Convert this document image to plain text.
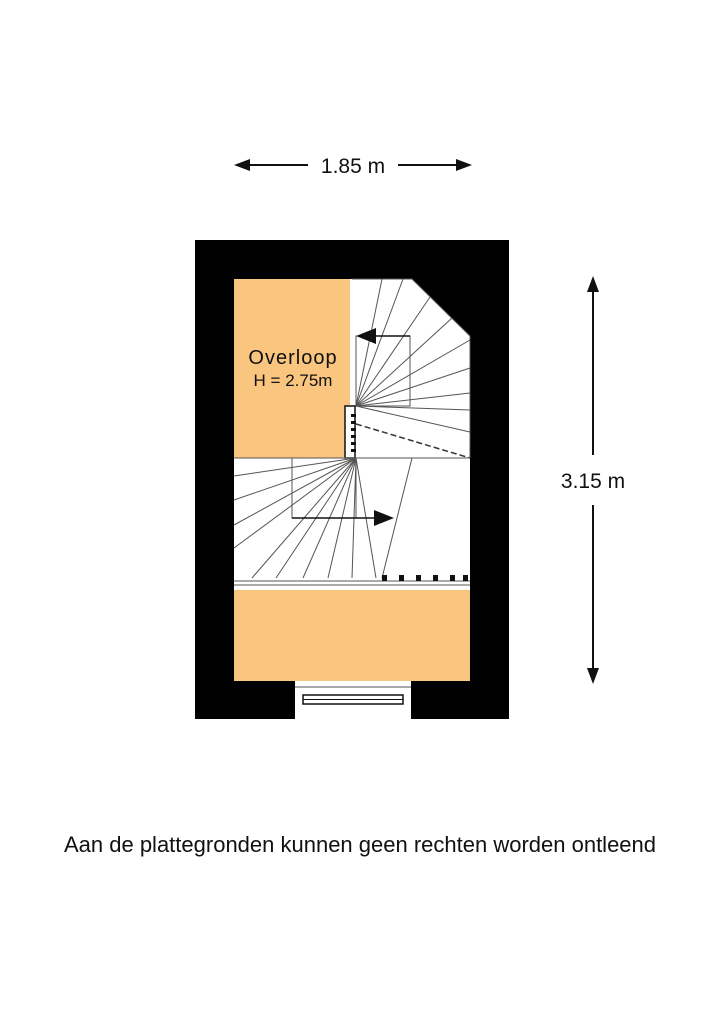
1.85 m
3.15 m
Overloop
H = 2.75m
Aan de plattegronden kunnen geen rechten worden ontleend
